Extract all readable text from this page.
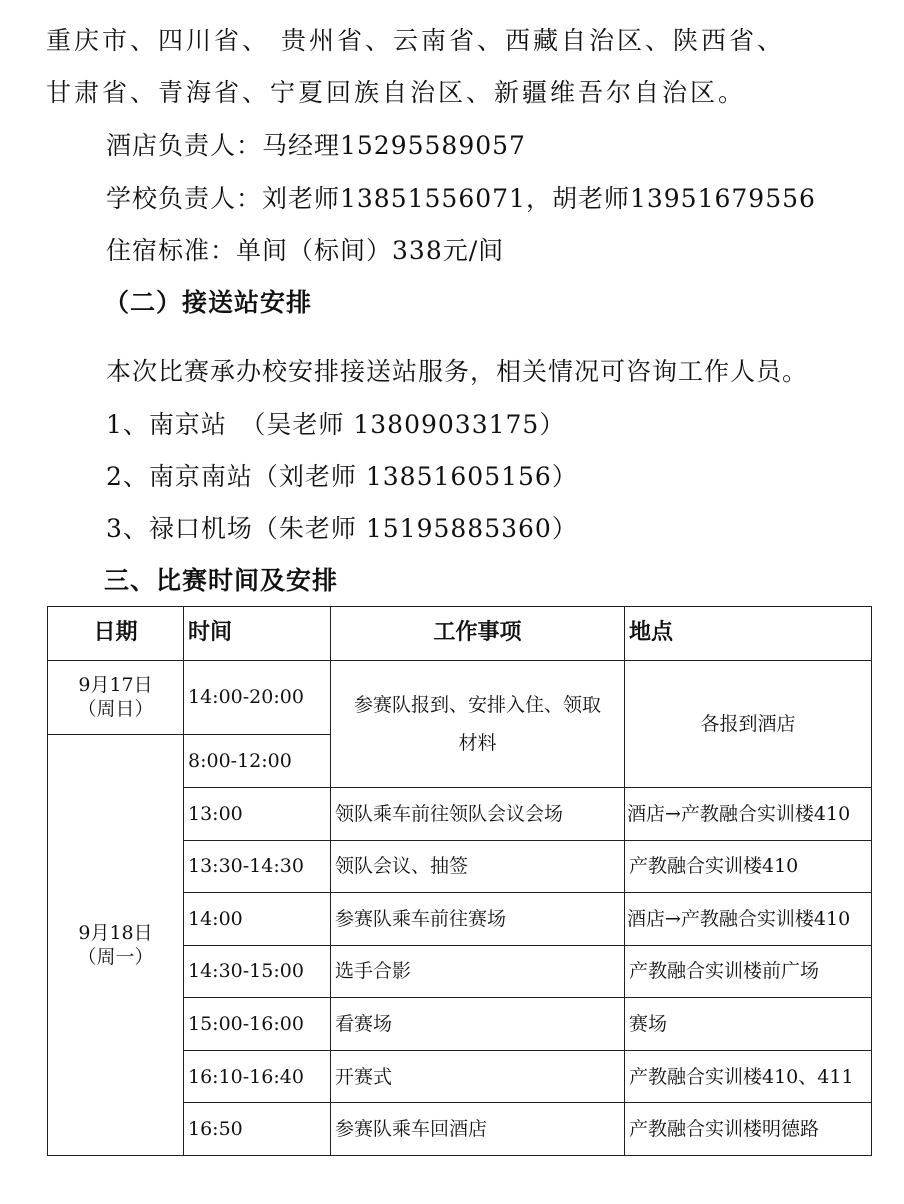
重庆市、四川省、 贵州省、云南省、西藏自治区、陕西省、
甘肃省、青海省、宁夏回族自治区、新疆维吾尔自治区。
酒店负责人：马经理15295589057
学校负责人：刘老师13851556071，胡老师13951679556
住宿标准：单间（标间）338元/间
（二）接送站安排
本次比赛承办校安排接送站服务，相关情况可咨询工作人员。
1、南京站　（吴老师 13809033175）
2、南京南站（刘老师 13851605156）
3、禄口机场（朱老师 15195885360）
三、比赛时间及安排
日期	时间	工作事项	地点

9月17日
（周日）	14:00-20:00	参赛队报到、安排入住、领取材料	各报到酒店

9月18日
（周一）	8:00-12:00		
	13:00	领队乘车前往领队会议会场	酒店→产教融合实训楼410
	13:30-14:30	领队会议、抽签	产教融合实训楼410
	14:00	参赛队乘车前往赛场	酒店→产教融合实训楼410
	14:30-15:00	选手合影	产教融合实训楼前广场
	15:00-16:00	看赛场	赛场
	16:10-16:40	开赛式	产教融合实训楼410、411
	16:50	参赛队乘车回酒店	产教融合实训楼明德路
